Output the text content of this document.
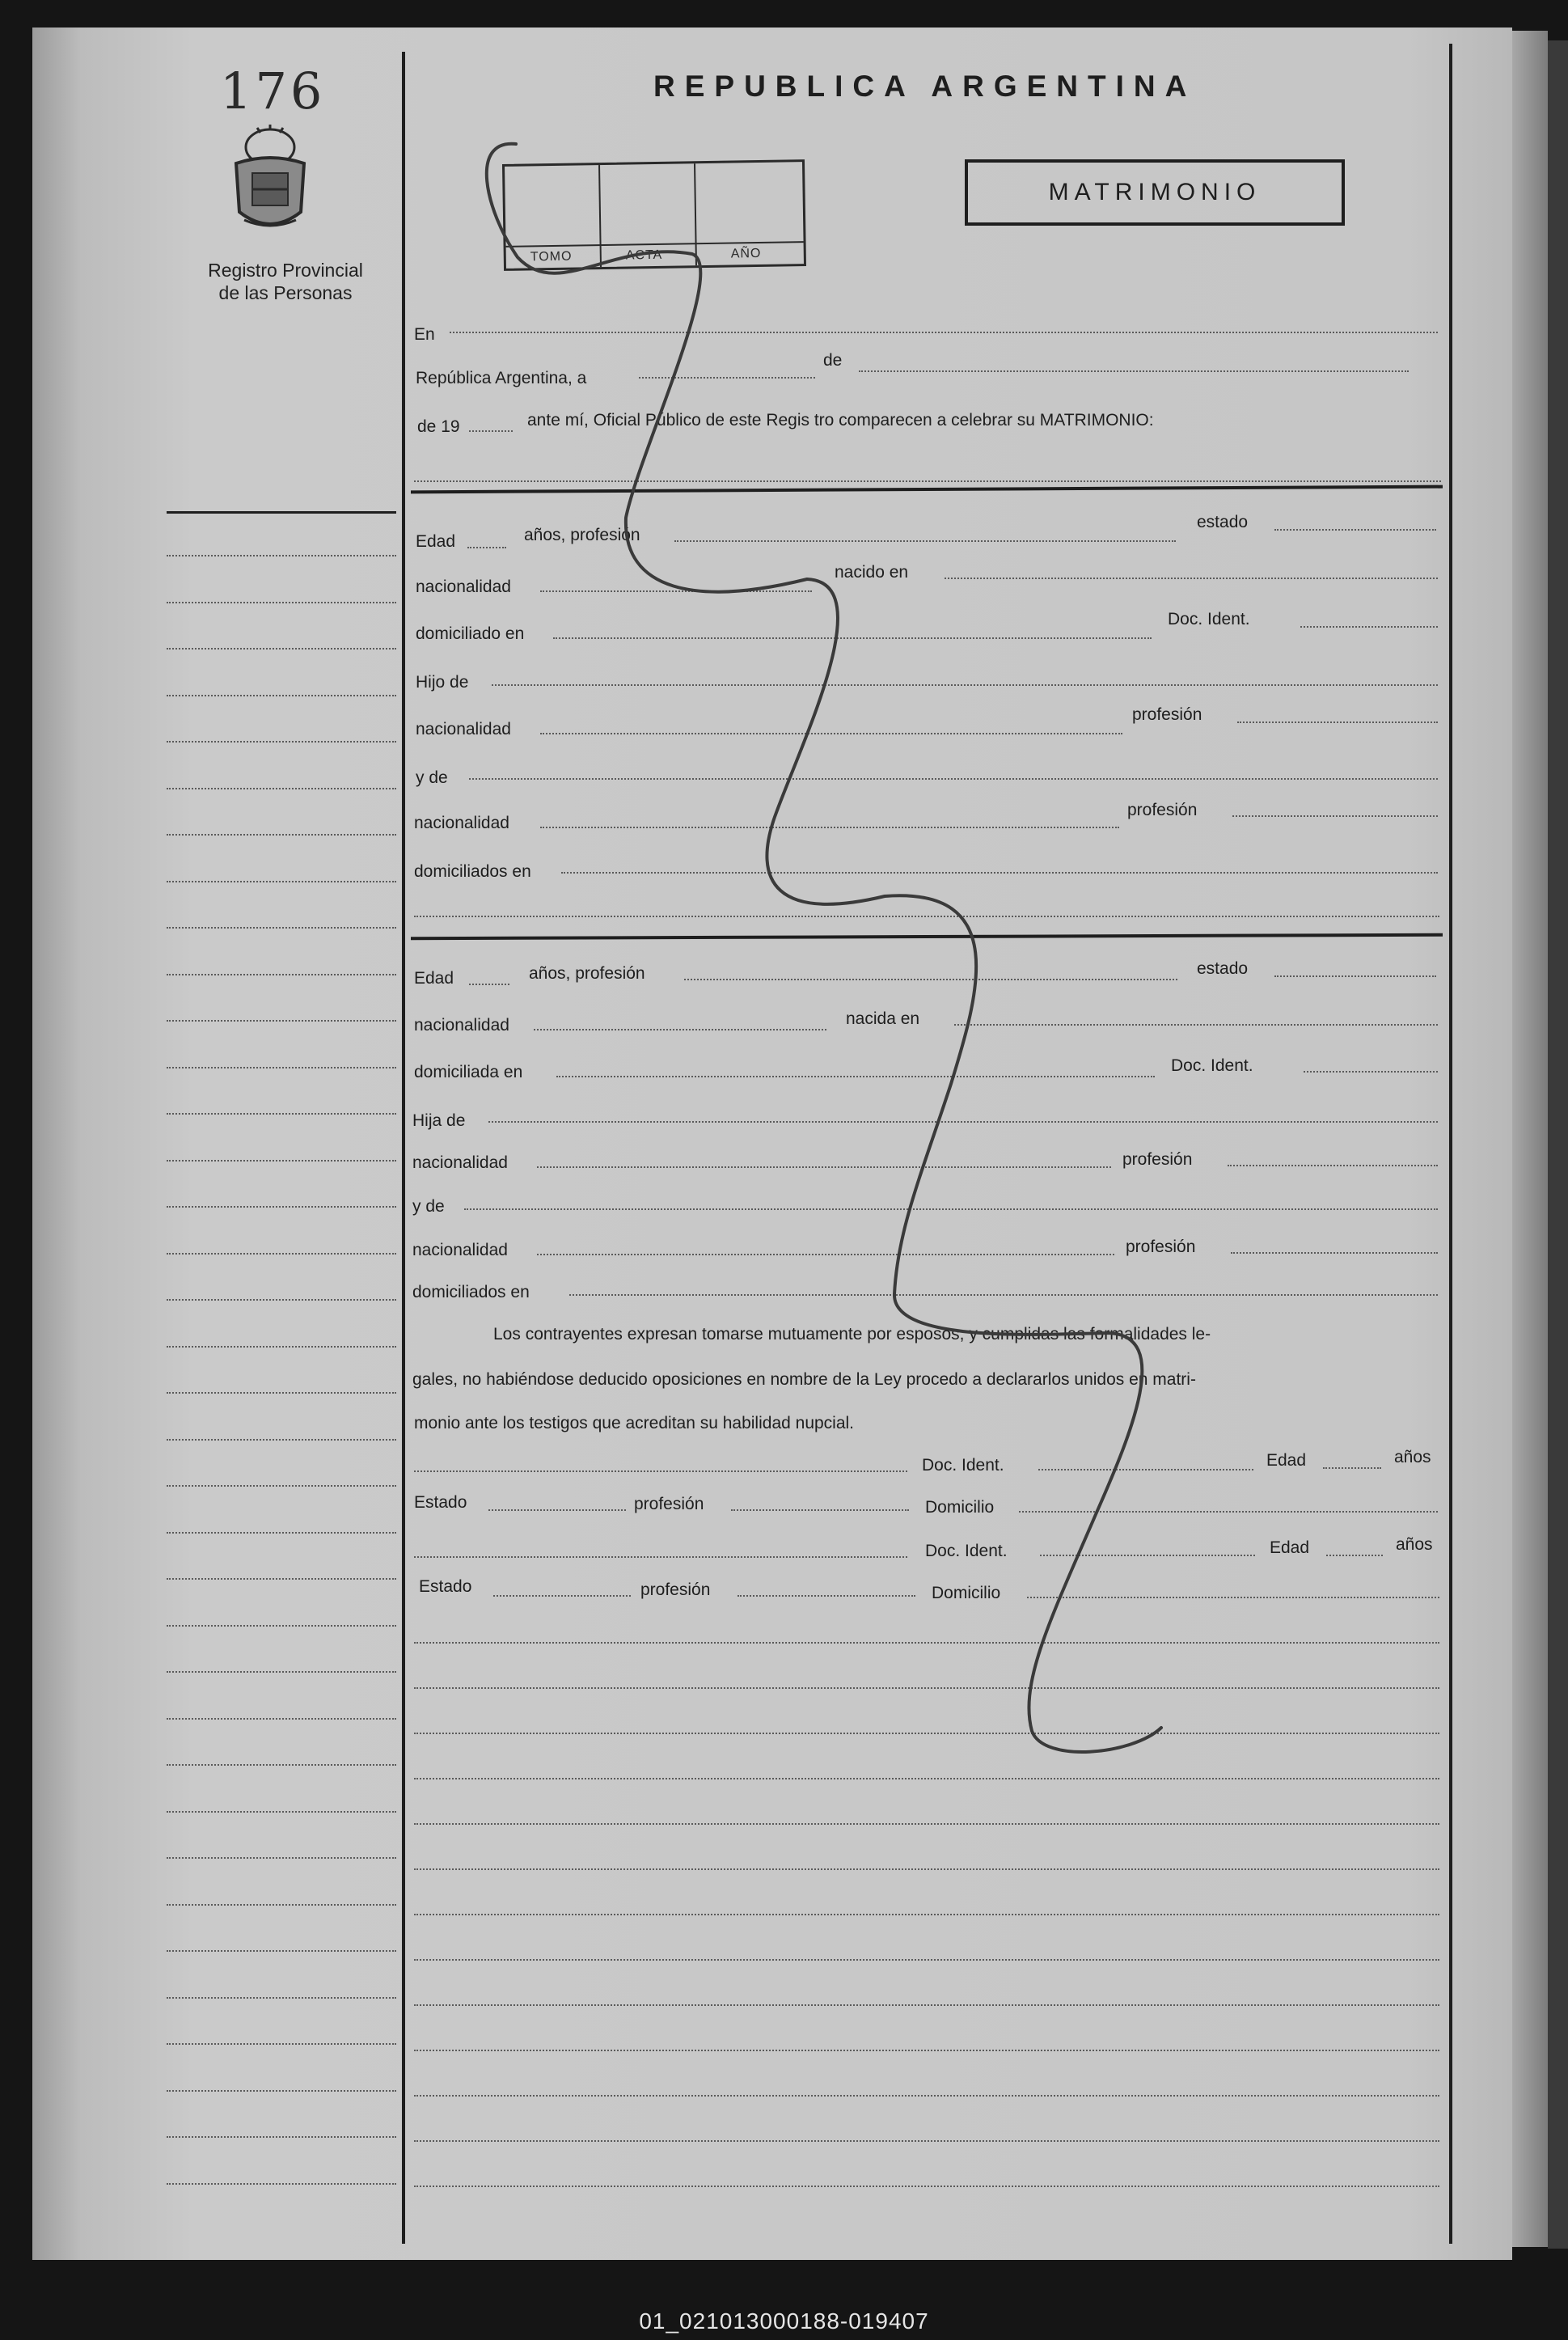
176
Registro Provincial
de las Personas
REPUBLICA ARGENTINA
TOMO	ACTA	AÑO
MATRIMONIO
En
República Argentina, a
de
de 19	ante mí, Oficial Público de este Regis tro comparecen a celebrar su MATRIMONIO:
Edad	años, profesión
estado
nacionalidad
nacido en
domiciliado en
Doc. Ident.
Hijo de
nacionalidad
profesión
y de
nacionalidad
profesión
domiciliados en
Edad	años, profesión	estado
nacionalidad	nacida en
domiciliada en	Doc. Ident.
Hija de
nacionalidad	profesión
y de
nacionalidad	profesión
domiciliados en
Los contrayentes expresan tomarse mutuamente por esposos, y cumplidas las formalidades le-
gales, no habiéndose deducido oposiciones en nombre de la Ley procedo a declararlos unidos en matri-
monio ante los testigos que acreditan su habilidad nupcial.
Doc. Ident.	Edad	años
Estado	profesión	Domicilio
Doc. Ident.	Edad	años
Estado	profesión	Domicilio
01_021013000188-019407
